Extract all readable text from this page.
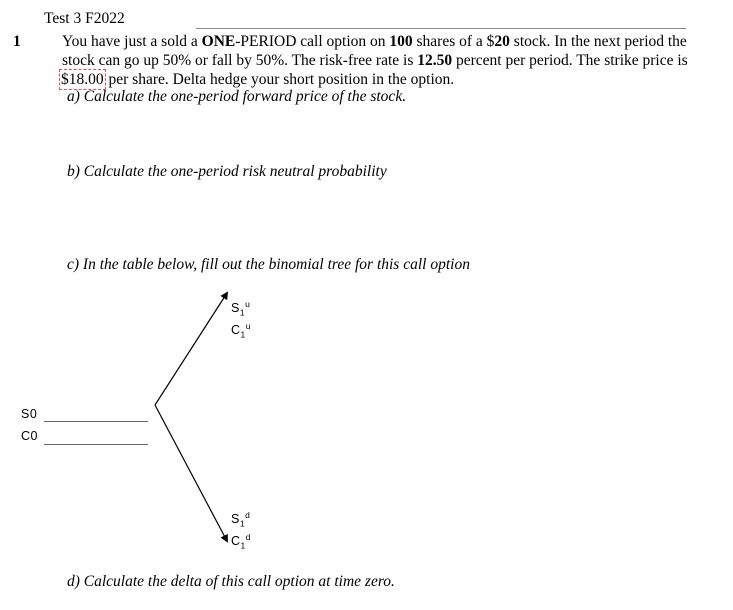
Test 3 F2022
1	You have just a sold a ONE-PERIOD call option on 100 shares of a $20 stock. In the next period the
stock can go up 50% or fall by 50%. The risk-free rate is 12.50 percent per period. The strike price is
$18.00 per share. Delta hedge your short position in the option.
a) Calculate the one-period forward price of the stock.
b) Calculate the one-period risk neutral probability
c) In the table below, fill out the binomial tree for this call option
$S_1^u$
$C_1^u$
S0
C0
$S_1^d$
$C_1^d$
d) Calculate the delta of this call option at time zero.
